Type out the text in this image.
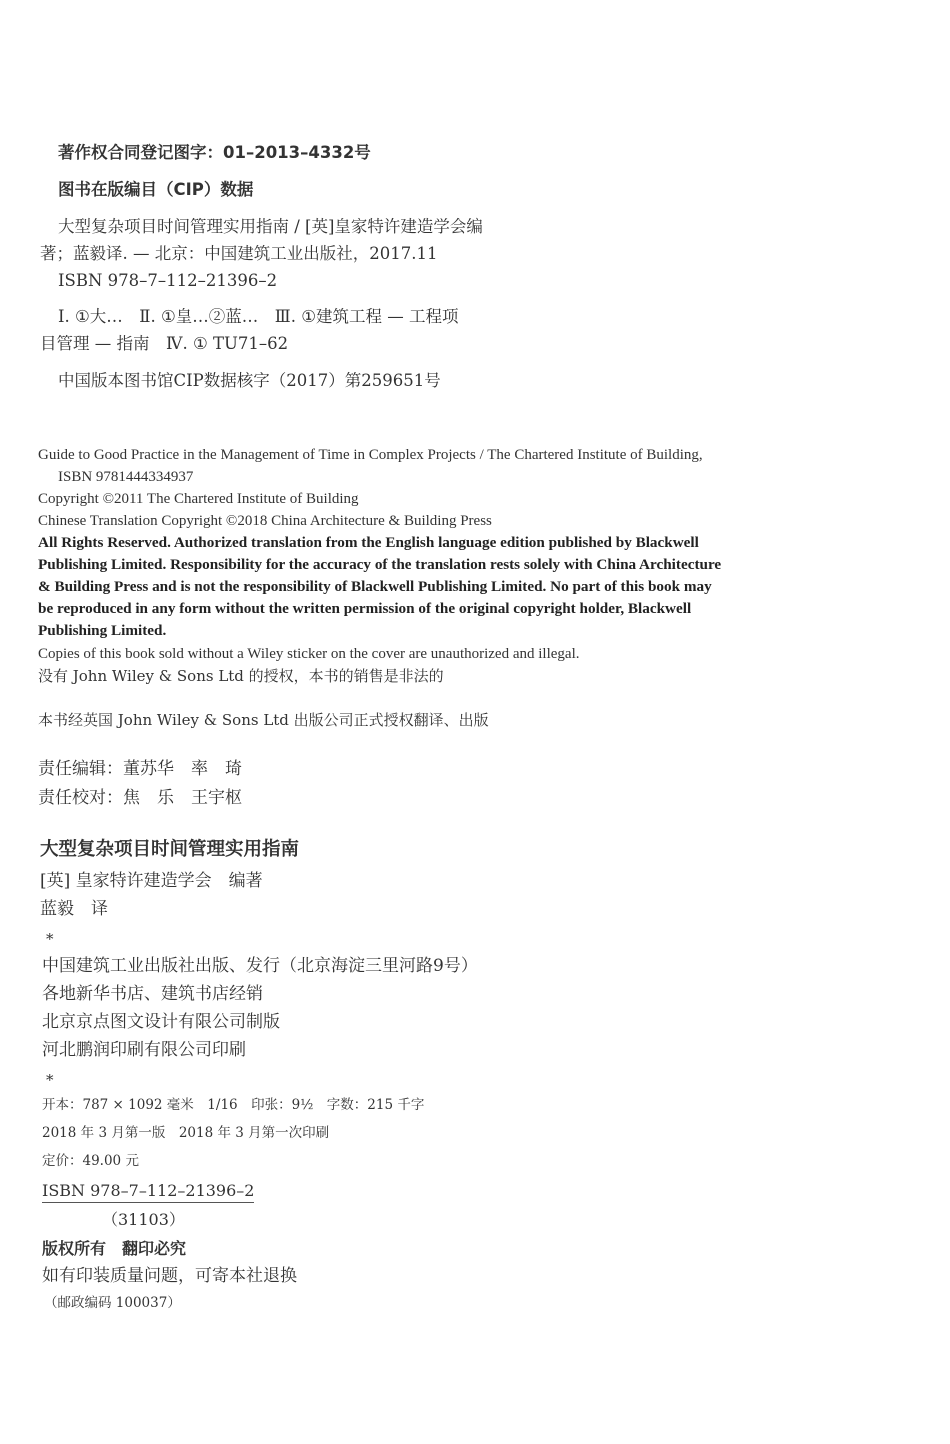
著作权合同登记图字：01–2013–4332号
图书在版编目（CIP）数据
大型复杂项目时间管理实用指南 / [英]皇家特许建造学会编
著；蓝毅译. — 北京：中国建筑工业出版社，2017.11
ISBN 978–7–112–21396–2
Ⅰ. ①大…　Ⅱ. ①皇…②蓝…　Ⅲ. ①建筑工程 — 工程项
目管理 — 指南　Ⅳ. ① TU71–62
中国版本图书馆CIP数据核字（2017）第259651号
Guide to Good Practice in the Management of Time in Complex Projects / The Chartered Institute of Building,
ISBN 9781444334937
Copyright ©2011 The Chartered Institute of Building
Chinese Translation Copyright ©2018 China Architecture & Building Press
All Rights Reserved. Authorized translation from the English language edition published by Blackwell
Publishing Limited. Responsibility for the accuracy of the translation rests solely with China Architecture
& Building Press and is not the responsibility of Blackwell Publishing Limited. No part of this book may
be reproduced in any form without the written permission of the original copyright holder, Blackwell
Publishing Limited.
Copies of this book sold without a Wiley sticker on the cover are unauthorized and illegal.
没有 John Wiley & Sons Ltd 的授权，本书的销售是非法的
本书经英国 John Wiley & Sons Ltd 出版公司正式授权翻译、出版
责任编辑：董苏华　率　琦
责任校对：焦　乐　王宇枢
大型复杂项目时间管理实用指南
[英] 皇家特许建造学会　编著
蓝毅　译
*
中国建筑工业出版社出版、发行（北京海淀三里河路9号）
各地新华书店、建筑书店经销
北京京点图文设计有限公司制版
河北鹏润印刷有限公司印刷
*
开本：787 × 1092 毫米　1/16　印张：9½　字数：215 千字
2018 年 3 月第一版　2018 年 3 月第一次印刷
定价：49.00 元
ISBN 978–7–112–21396–2
（31103）
版权所有　翻印必究
如有印装质量问题，可寄本社退换
（邮政编码 100037）
